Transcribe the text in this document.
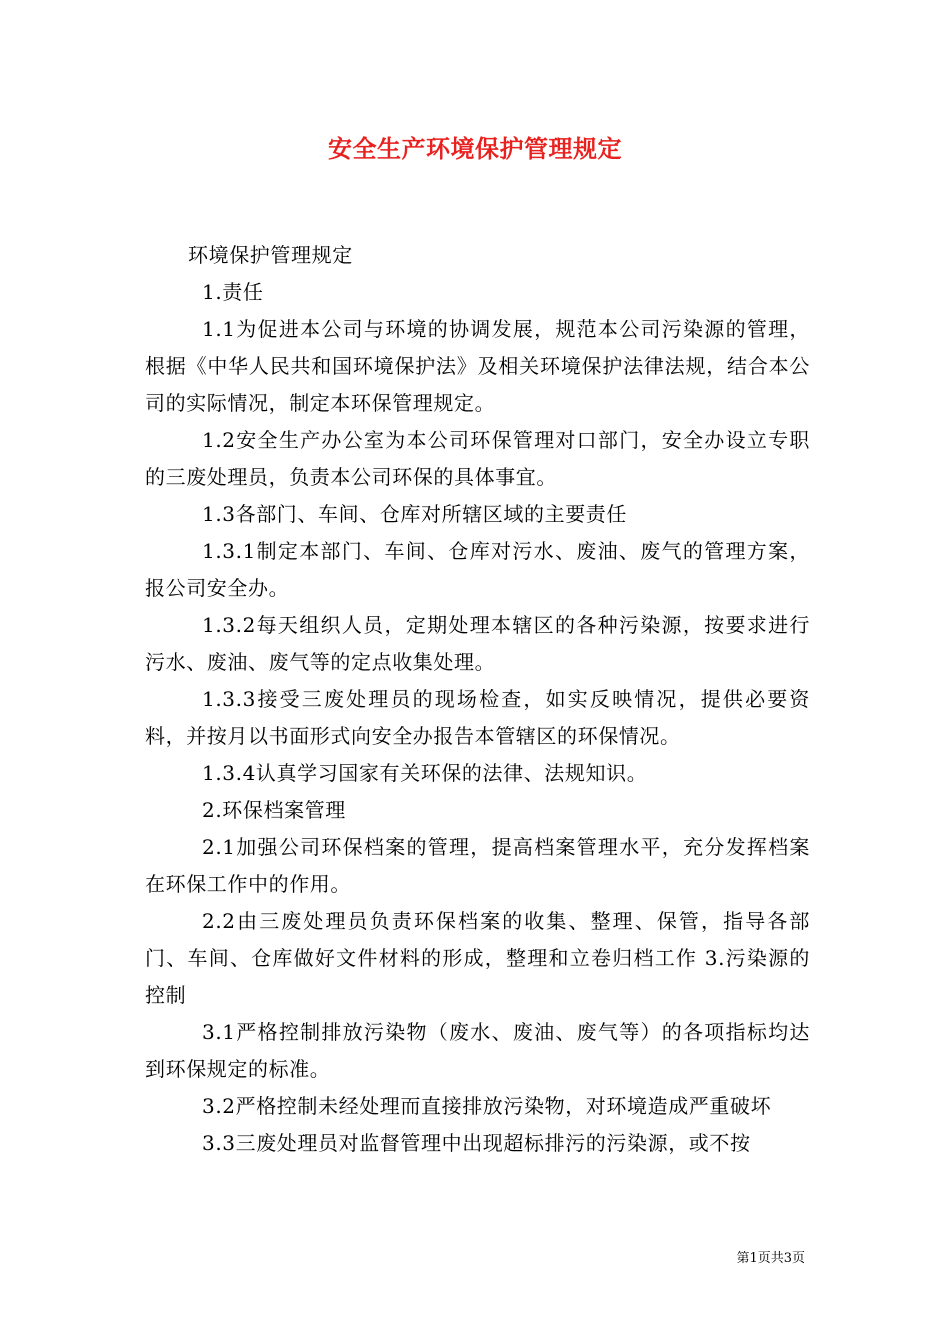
安全生产环境保护管理规定

环境保护管理规定

1.责任

1.1为促进本公司与环境的协调发展，规范本公司污染源的管理，根据《中华人民共和国环境保护法》及相关环境保护法律法规，结合本公司的实际情况，制定本环保管理规定。

1.2安全生产办公室为本公司环保管理对口部门，安全办设立专职的三废处理员，负责本公司环保的具体事宜。

1.3各部门、车间、仓库对所辖区域的主要责任

1.3.1制定本部门、车间、仓库对污水、废油、废气的管理方案，报公司安全办。

1.3.2每天组织人员，定期处理本辖区的各种污染源，按要求进行污水、废油、废气等的定点收集处理。

1.3.3接受三废处理员的现场检查，如实反映情况，提供必要资料，并按月以书面形式向安全办报告本管辖区的环保情况。

1.3.4认真学习国家有关环保的法律、法规知识。

2.环保档案管理

2.1加强公司环保档案的管理，提高档案管理水平，充分发挥档案在环保工作中的作用。

2.2由三废处理员负责环保档案的收集、整理、保管，指导各部门、车间、仓库做好文件材料的形成，整理和立卷归档工作 3.污染源的控制

3.1严格控制排放污染物（废水、废油、废气等）的各项指标均达到环保规定的标准。

3.2严格控制未经处理而直接排放污染物，对环境造成严重破坏

3.3三废处理员对监督管理中出现超标排污的污染源，或不按

第1页共3页
